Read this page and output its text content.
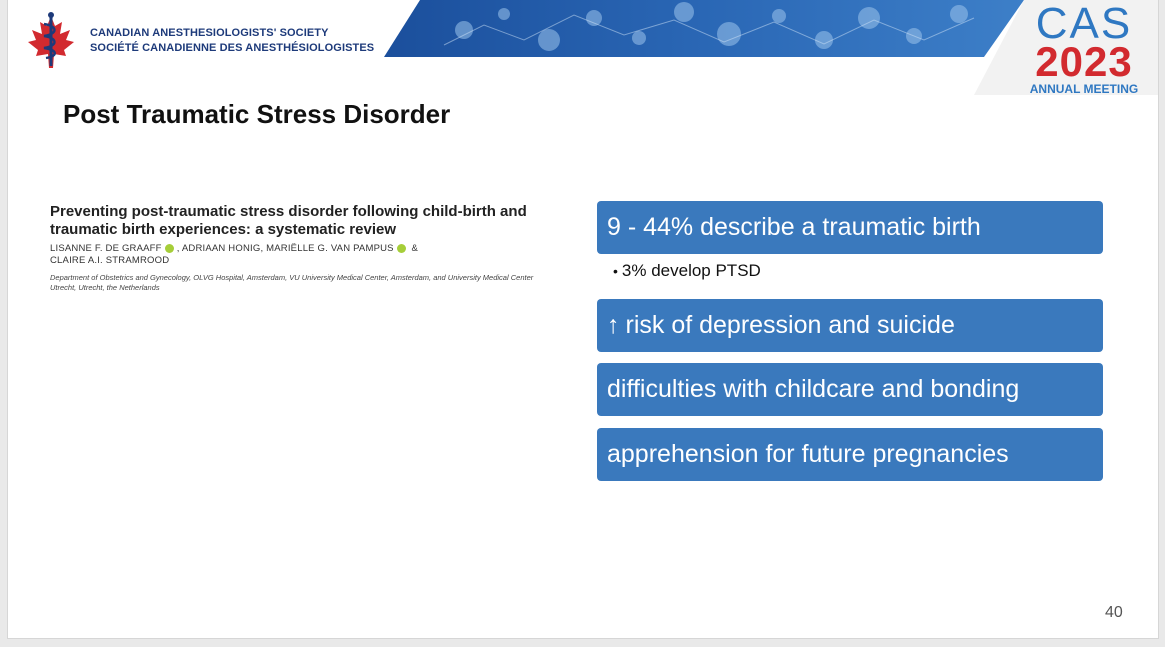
CANADIAN ANESTHESIOLOGISTS' SOCIETY
SOCIÉTÉ CANADIENNE DES ANESTHÉSIOLOGISTES	CAS
2023
ANNUAL MEETING
Post Traumatic Stress Disorder
Preventing post-traumatic stress disorder following child-birth and traumatic birth experiences: a systematic review
LISANNE F. DE GRAAFF , ADRIAAN HONIG, MARIËLLE G. VAN PAMPUS &
CLAIRE A.I. STRAMROOD
Department of Obstetrics and Gynecology, OLVG Hospital, Amsterdam, VU University Medical Center, Amsterdam, and University Medical Center Utrecht, Utrecht, the Netherlands
9 - 44% describe a traumatic birth
• 3% develop PTSD
↑ risk of depression and suicide
difficulties with childcare and bonding
apprehension for future pregnancies
40
